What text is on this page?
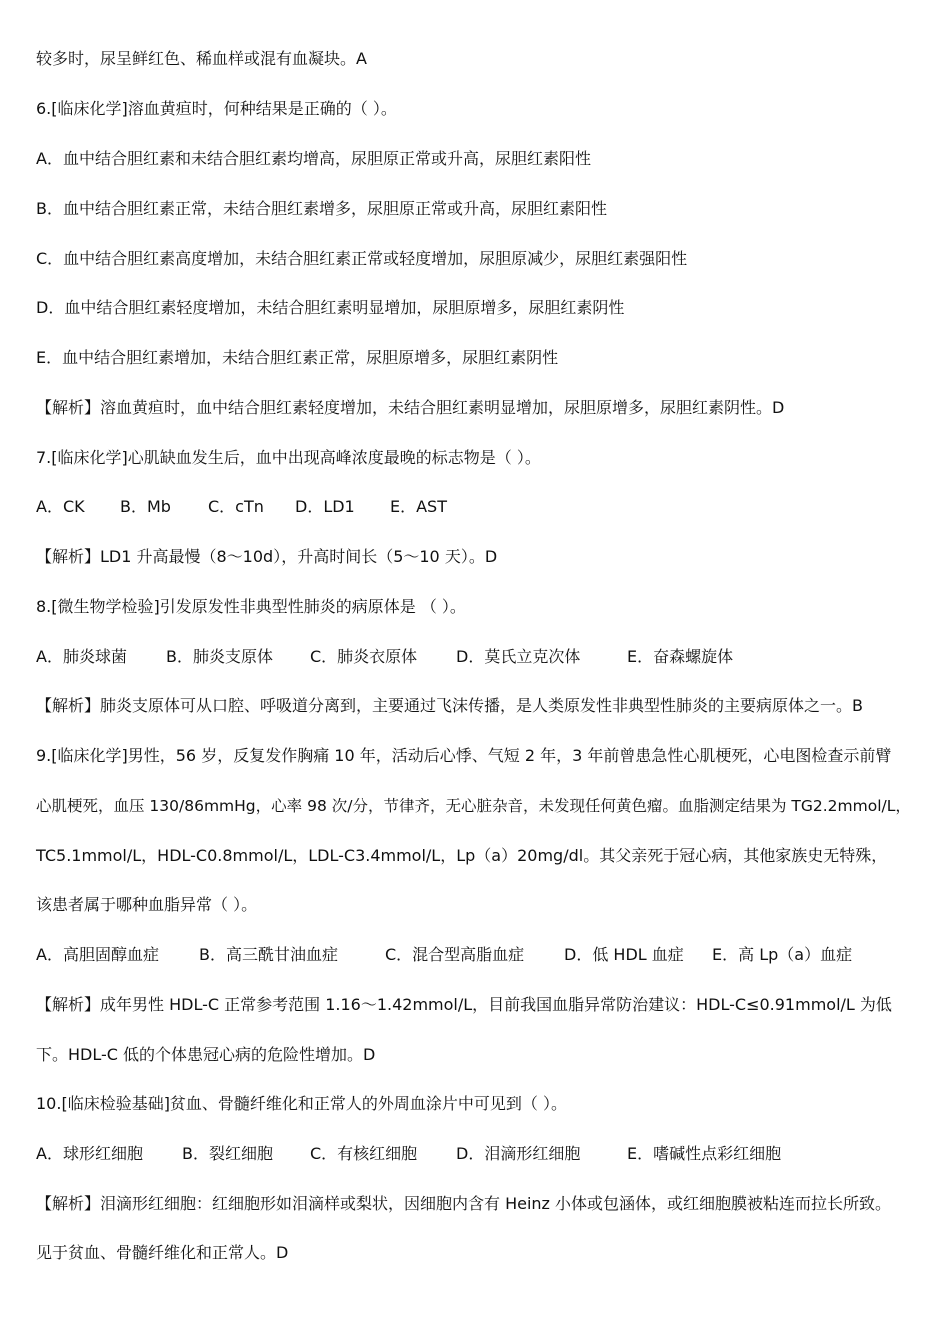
较多时，尿呈鲜红色、稀血样或混有血凝块。A
6.[临床化学]溶血黄疸时，何种结果是正确的（ ）。
A．血中结合胆红素和未结合胆红素均增高，尿胆原正常或升高，尿胆红素阳性
B．血中结合胆红素正常，未结合胆红素增多，尿胆原正常或升高，尿胆红素阳性
C．血中结合胆红素高度增加，未结合胆红素正常或轻度增加，尿胆原减少，尿胆红素强阳性
D．血中结合胆红素轻度增加，未结合胆红素明显增加，尿胆原增多，尿胆红素阴性
E．血中结合胆红素增加，未结合胆红素正常，尿胆原增多，尿胆红素阴性
【解析】溶血黄疸时，血中结合胆红素轻度增加，未结合胆红素明显增加，尿胆原增多，尿胆红素阴性。D
7.[临床化学]心肌缺血发生后，血中出现高峰浓度最晚的标志物是（ ）。
A．CK B．Mb C．cTn D．LD1 E．AST
【解析】LD1 升高最慢（8～10d），升高时间长（5～10 天）。D
8.[微生物学检验]引发原发性非典型性肺炎的病原体是 （ ）。
A．肺炎球菌 B．肺炎支原体 C．肺炎衣原体 D．莫氏立克次体	E．奋森螺旋体
【解析】肺炎支原体可从口腔、呼吸道分离到，主要通过飞沫传播，是人类原发性非典型性肺炎的主要病原体之一。B
9.[临床化学]男性，56 岁，反复发作胸痛 10 年，活动后心悸、气短 2 年，3 年前曾患急性心肌梗死，心电图检查示前臂
心肌梗死，血压 130/86mmHg，心率 98 次/分，节律齐，无心脏杂音，未发现任何黄色瘤。血脂测定结果为 TG2.2mmol/L，
TC5.1mmol/L，HDL-C0.8mmol/L，LDL-C3.4mmol/L，Lp（a）20mg/dl。其父亲死于冠心病，其他家族史无特殊，
该患者属于哪种血脂异常（ ）。
A．高胆固醇血症	B．高三酰甘油血症	C．混合型高脂血症 D．低 HDL 血症 E．高 Lp（a）血症
【解析】成年男性 HDL-C 正常参考范围 1.16～1.42mmol/L，目前我国血脂异常防治建议：HDL-C≤0.91mmol/L 为低
下。HDL-C 低的个体患冠心病的危险性增加。D
10.[临床检验基础]贫血、骨髓纤维化和正常人的外周血涂片中可见到（ ）。
A．球形红细胞 B．裂红细胞 C．有核红细胞 D．泪滴形红细胞	E．嗜碱性点彩红细胞
【解析】泪滴形红细胞：红细胞形如泪滴样或梨状，因细胞内含有 Heinz 小体或包涵体，或红细胞膜被粘连而拉长所致。
见于贫血、骨髓纤维化和正常人。D
